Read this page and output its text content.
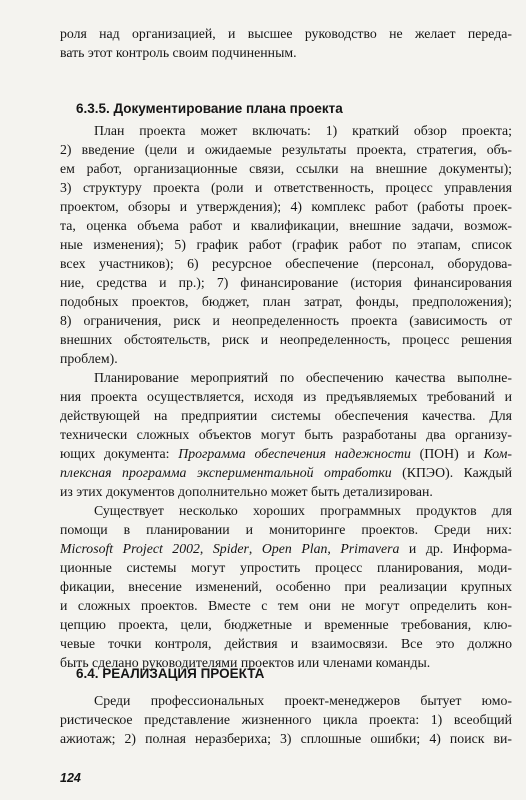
роля над организацией, и высшее руководство не желает переда-
вать этот контроль своим подчиненным.
6.3.5. Документирование плана проекта
План проекта может включать: 1) краткий обзор проекта;
2) введение (цели и ожидаемые результаты проекта, стратегия, объ-
ем работ, организационные связи, ссылки на внешние документы);
3) структуру проекта (роли и ответственность, процесс управления
проектом, обзоры и утверждения); 4) комплекс работ (работы проек-
та, оценка объема работ и квалификации, внешние задачи, возмож-
ные изменения); 5) график работ (график работ по этапам, список
всех участников); 6) ресурсное обеспечение (персонал, оборудова-
ние, средства и пр.); 7) финансирование (история финансирования
подобных проектов, бюджет, план затрат, фонды, предположения);
8) ограничения, риск и неопределенность проекта (зависимость от
внешних обстоятельств, риск и неопределенность, процесс решения
проблем).
Планирование мероприятий по обеспечению качества выполне-
ния проекта осуществляется, исходя из предъявляемых требований и
действующей на предприятии системы обеспечения качества. Для
технически сложных объектов могут быть разработаны два организу-
ющих документа: Программа обеспечения надежности (ПОН) и Ком-
плексная программа экспериментальной отработки (КПЭО). Каждый
из этих документов дополнительно может быть детализирован.
Существует несколько хороших программных продуктов для
помощи в планировании и мониторинге проектов. Среди них:
Microsoft Project 2002, Spider, Open Plan, Primavera и др. Информа-
ционные системы могут упростить процесс планирования, моди-
фикации, внесение изменений, особенно при реализации крупных
и сложных проектов. Вместе с тем они не могут определить кон-
цепцию проекта, цели, бюджетные и временные требования, клю-
чевые точки контроля, действия и взаимосвязи. Все это должно
быть сделано руководителями проектов или членами команды.
6.4. РЕАЛИЗАЦИЯ ПРОЕКТА
Среди профессиональных проект-менеджеров бытует юмо-
ристическое представление жизненного цикла проекта: 1) всеобщий
ажиотаж; 2) полная неразбериха; 3) сплошные ошибки; 4) поиск ви-
124
